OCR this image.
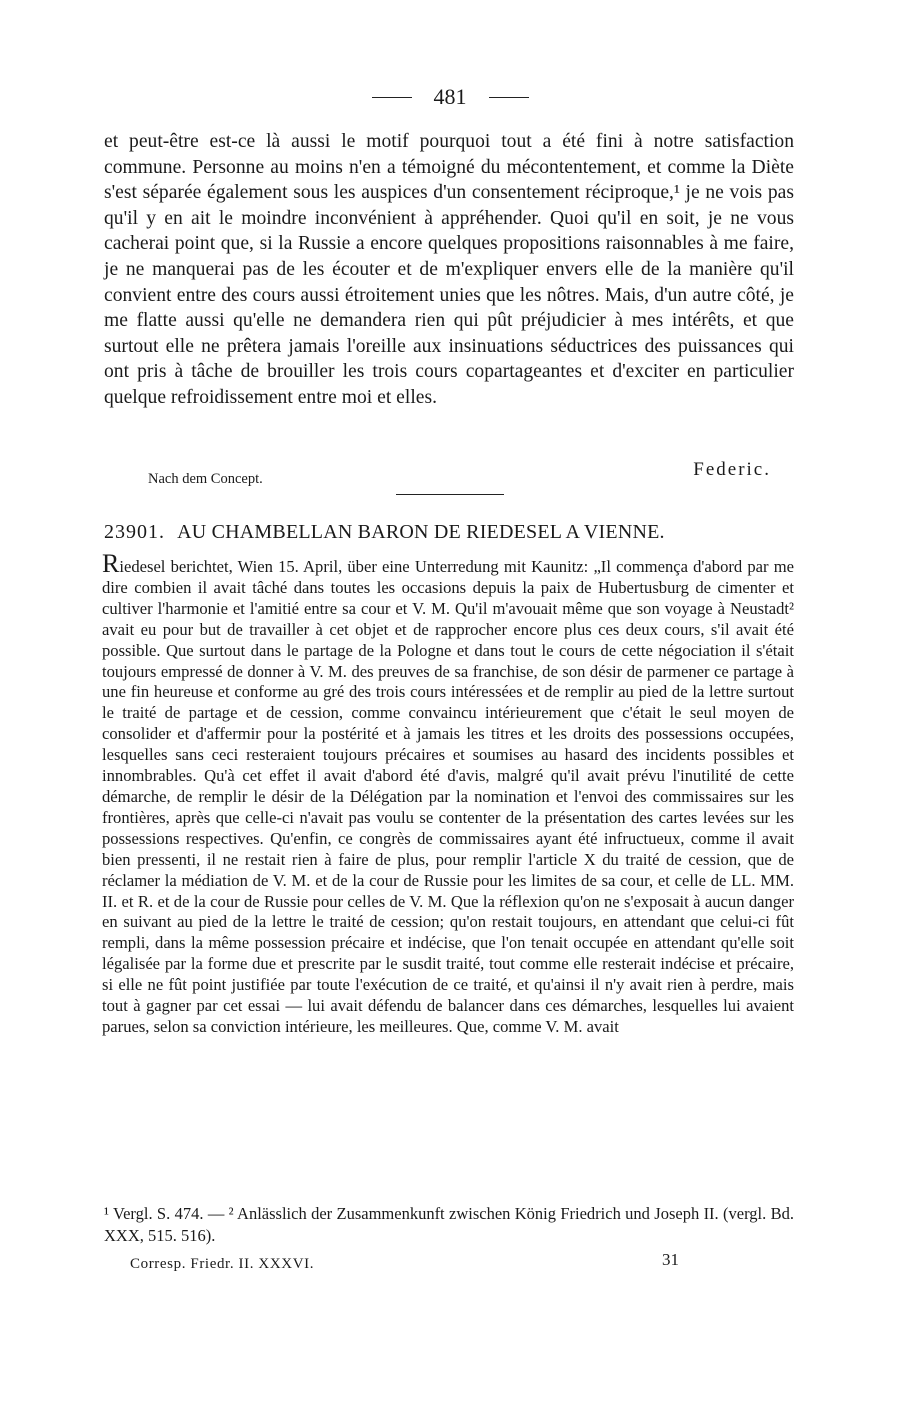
481

et peut-être est-ce là aussi le motif pourquoi tout a été fini à notre satisfaction commune. Personne au moins n'en a témoigné du mécontentement, et comme la Diète s'est séparée également sous les auspices d'un consentement réciproque,¹ je ne vois pas qu'il y en ait le moindre inconvénient à appréhender. Quoi qu'il en soit, je ne vous cacherai point que, si la Russie a encore quelques propositions raisonnables à me faire, je ne manquerai pas de les écouter et de m'expliquer envers elle de la manière qu'il convient entre des cours aussi étroitement unies que les nôtres. Mais, d'un autre côté, je me flatte aussi qu'elle ne demandera rien qui pût préjudicier à mes intérêts, et que surtout elle ne prêtera jamais l'oreille aux insinuations séductrices des puissances qui ont pris à tâche de brouiller les trois cours copartageantes et d'exciter en particulier quelque refroidissement entre moi et elles.

Nach dem Concept.	Federic.
23901. AU CHAMBELLAN BARON DE RIEDESEL A VIENNE.

Riedesel berichtet, Wien 15. April, über eine Unterredung mit Kaunitz: „Il commença d'abord par me dire combien il avait tâché dans toutes les occasions depuis la paix de Hubertusburg de cimenter et cultiver l'harmonie et l'amitié entre sa cour et V. M. Qu'il m'avouait même que son voyage à Neustadt² avait eu pour but de travailler à cet objet et de rapprocher encore plus ces deux cours, s'il avait été possible. Que surtout dans le partage de la Pologne et dans tout le cours de cette négociation il s'était toujours empressé de donner à V. M. des preuves de sa franchise, de son désir de parmener ce partage à une fin heureuse et conforme au gré des trois cours intéressées et de remplir au pied de la lettre surtout le traité de partage et de cession, comme convaincu intérieurement que c'était le seul moyen de consolider et d'affermir pour la postérité et à jamais les titres et les droits des possessions occupées, lesquelles sans ceci resteraient toujours précaires et soumises au hasard des incidents possibles et innombrables. Qu'à cet effet il avait d'abord été d'avis, malgré qu'il avait prévu l'inutilité de cette démarche, de remplir le désir de la Délégation par la nomination et l'envoi des commissaires sur les frontières, après que celle-ci n'avait pas voulu se contenter de la présentation des cartes levées sur les possessions respectives. Qu'enfin, ce congrès de commissaires ayant été infructueux, comme il avait bien pressenti, il ne restait rien à faire de plus, pour remplir l'article X du traité de cession, que de réclamer la médiation de V. M. et de la cour de Russie pour les limites de sa cour, et celle de LL. MM. II. et R. et de la cour de Russie pour celles de V. M. Que la réflexion qu'on ne s'exposait à aucun danger en suivant au pied de la lettre le traité de cession; qu'on restait toujours, en attendant que celui-ci fût rempli, dans la même possession précaire et indécise, que l'on tenait occupée en attendant qu'elle soit légalisée par la forme due et prescrite par le susdit traité, tout comme elle resterait indécise et précaire, si elle ne fût point justifiée par toute l'exécution de ce traité, et qu'ainsi il n'y avait rien à perdre, mais tout à gagner par cet essai — lui avait défendu de balancer dans ces démarches, lesquelles lui avaient parues, selon sa conviction intérieure, les meilleures. Que, comme V. M. avait

¹ Vergl. S. 474. — ² Anlässlich der Zusammenkunft zwischen König Friedrich und Joseph II. (vergl. Bd. XXX, 515. 516).

Corresp. Friedr. II. XXXVI.	31
